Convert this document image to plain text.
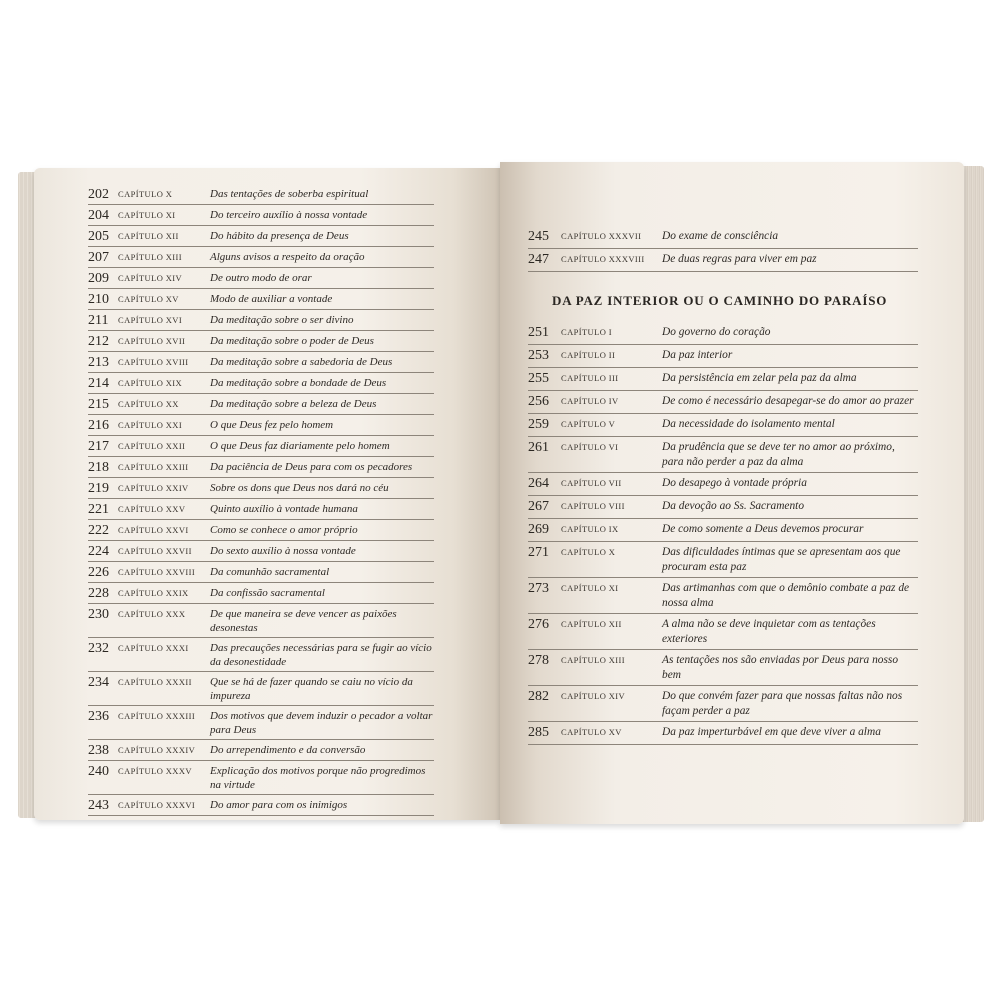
202	CAPÍTULO X	Das tentações de soberba espiritual
204	CAPÍTULO XI	Do terceiro auxílio à nossa vontade
205	CAPÍTULO XII	Do hábito da presença de Deus
207	CAPÍTULO XIII	Alguns avisos a respeito da oração
209	CAPÍTULO XIV	De outro modo de orar
210	CAPÍTULO XV	Modo de auxiliar a vontade
211	CAPÍTULO XVI	Da meditação sobre o ser divino
212	CAPÍTULO XVII	Da meditação sobre o poder de Deus
213	CAPÍTULO XVIII	Da meditação sobre a sabedoria de Deus
214	CAPÍTULO XIX	Da meditação sobre a bondade de Deus
215	CAPÍTULO XX	Da meditação sobre a beleza de Deus
216	CAPÍTULO XXI	O que Deus fez pelo homem
217	CAPÍTULO XXII	O que Deus faz diariamente pelo homem
218	CAPÍTULO XXIII	Da paciência de Deus para com os pecadores
219	CAPÍTULO XXIV	Sobre os dons que Deus nos dará no céu
221	CAPÍTULO XXV	Quinto auxílio à vontade humana
222	CAPÍTULO XXVI	Como se conhece o amor próprio
224	CAPÍTULO XXVII	Do sexto auxílio à nossa vontade
226	CAPÍTULO XXVIII	Da comunhão sacramental
228	CAPÍTULO XXIX	Da confissão sacramental
230	CAPÍTULO XXX	De que maneira se deve vencer as paixões desonestas
232	CAPÍTULO XXXI	Das precauções necessárias para se fugir ao vício da desonestidade
234	CAPÍTULO XXXII	Que se há de fazer quando se caiu no vício da impureza
236	CAPÍTULO XXXIII	Dos motivos que devem induzir o pecador a voltar para Deus
238	CAPÍTULO XXXIV	Do arrependimento e da conversão
240	CAPÍTULO XXXV	Explicação dos motivos porque não progredimos na virtude
243	CAPÍTULO XXXVI	Do amor para com os inimigos
245	CAPÍTULO XXXVII	Do exame de consciência
247	CAPÍTULO XXXVIII	De duas regras para viver em paz
DA PAZ INTERIOR OU O CAMINHO DO PARAÍSO
251	CAPÍTULO I	Do governo do coração
253	CAPÍTULO II	Da paz interior
255	CAPÍTULO III	Da persistência em zelar pela paz da alma
256	CAPÍTULO IV	De como é necessário desapegar-se do amor ao prazer
259	CAPÍTULO V	Da necessidade do isolamento mental
261	CAPÍTULO VI	Da prudência que se deve ter no amor ao próximo, para não perder a paz da alma
264	CAPÍTULO VII	Do desapego à vontade própria
267	CAPÍTULO VIII	Da devoção ao Ss. Sacramento
269	CAPÍTULO IX	De como somente a Deus devemos procurar
271	CAPÍTULO X	Das dificuldades íntimas que se apresentam aos que procuram esta paz
273	CAPÍTULO XI	Das artimanhas com que o demônio combate a paz de nossa alma
276	CAPÍTULO XII	A alma não se deve inquietar com as tentações exteriores
278	CAPÍTULO XIII	As tentações nos são enviadas por Deus para nosso bem
282	CAPÍTULO XIV	Do que convém fazer para que nossas faltas não nos façam perder a paz
285	CAPÍTULO XV	Da paz imperturbável em que deve viver a alma
